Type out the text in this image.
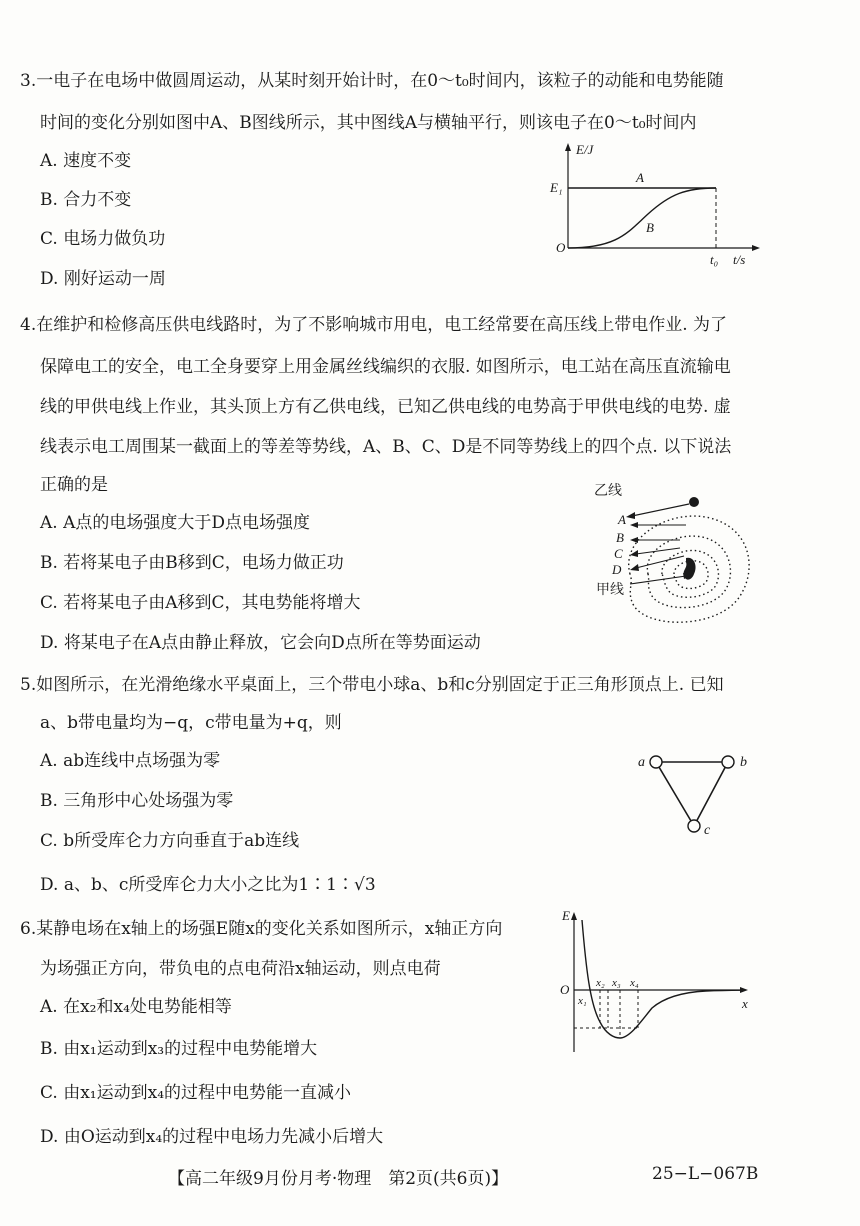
3.一电子在电场中做圆周运动，从某时刻开始计时，在0～t₀时间内，该粒子的动能和电势能随
时间的变化分别如图中A、B图线所示，其中图线A与横轴平行，则该电子在0～t₀时间内
A. 速度不变
B. 合力不变
C. 电场力做负功
D. 刚好运动一周
E/J
E₁
O
A
B
t₀ t/s
4.在维护和检修高压供电线路时，为了不影响城市用电，电工经常要在高压线上带电作业. 为了
保障电工的安全，电工全身要穿上用金属丝线编织的衣服. 如图所示，电工站在高压直流输电
线的甲供电线上作业，其头顶上方有乙供电线，已知乙供电线的电势高于甲供电线的电势. 虚
线表示电工周围某一截面上的等差等势线，A、B、C、D是不同等势线上的四个点. 以下说法
正确的是
A. A点的电场强度大于D点电场强度
B. 若将某电子由B移到C，电场力做正功
C. 若将某电子由A移到C，其电势能将增大
D. 将某电子在A点由静止释放，它会向D点所在等势面运动
乙线
A
B
C
D
甲线
5.如图所示，在光滑绝缘水平桌面上，三个带电小球a、b和c分别固定于正三角形顶点上. 已知
a、b带电量均为−q，c带电量为+q，则
A. ab连线中点场强为零
B. 三角形中心处场强为零
C. b所受库仑力方向垂直于ab连线
D. a、b、c所受库仑力大小之比为1∶1∶√3
a	b
c
6.某静电场在x轴上的场强E随x的变化关系如图所示，x轴正方向
为场强正方向，带负电的点电荷沿x轴运动，则点电荷
A. 在x₂和x₄处电势能相等
B. 由x₁运动到x₃的过程中电势能增大
C. 由x₁运动到x₄的过程中电势能一直减小
D. 由O运动到x₄的过程中电场力先减小后增大
E
O
x
x₁
x₂ x₃ x₄
【高二年级9月份月考·物理　第2页(共6页)】	25−L−067B
